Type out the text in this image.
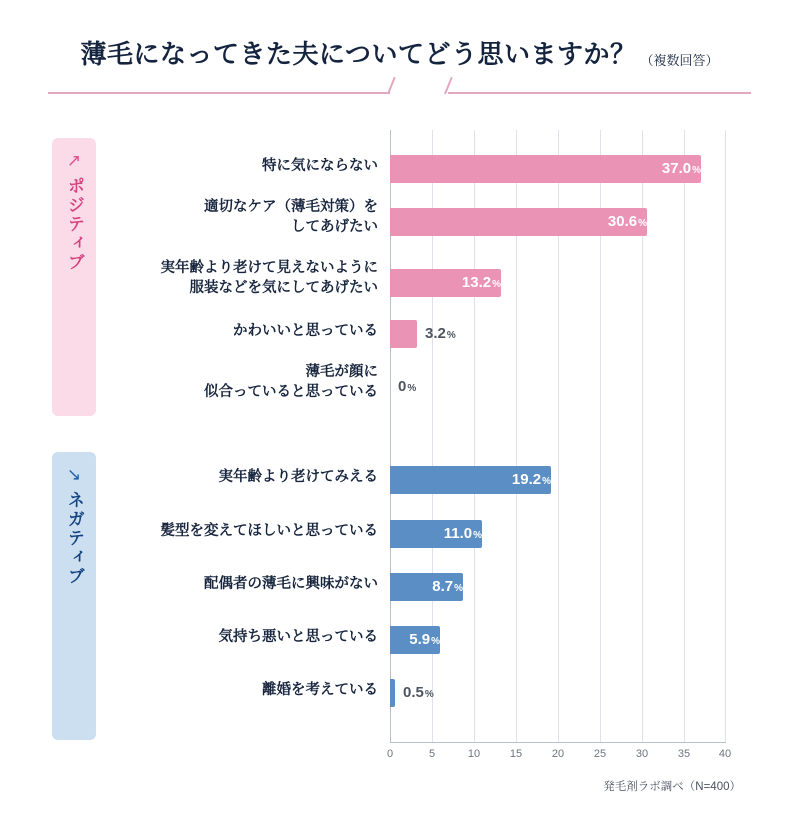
薄毛になってきた夫についてどう思いますか？ （複数回答）
↗
ポジティブ
↘
ネガティブ
0	5	10	15	20	25	30	35	40
特に気にならない	37.0%
適切なケア（薄毛対策）を
してあげたい	30.6%
実年齢より老けて見えないように
服装などを気にしてあげたい	13.2%
かわいいと思っている	3.2%
薄毛が顔に
似合っていると思っている 0%
実年齢より老けてみえる	19.2%
髪型を変えてほしいと思っている	11.0%
配偶者の薄毛に興味がない	8.7%
気持ち悪いと思っている 5.9%
離婚を考えている 0.5%
発毛剤ラボ調べ（N=400）
